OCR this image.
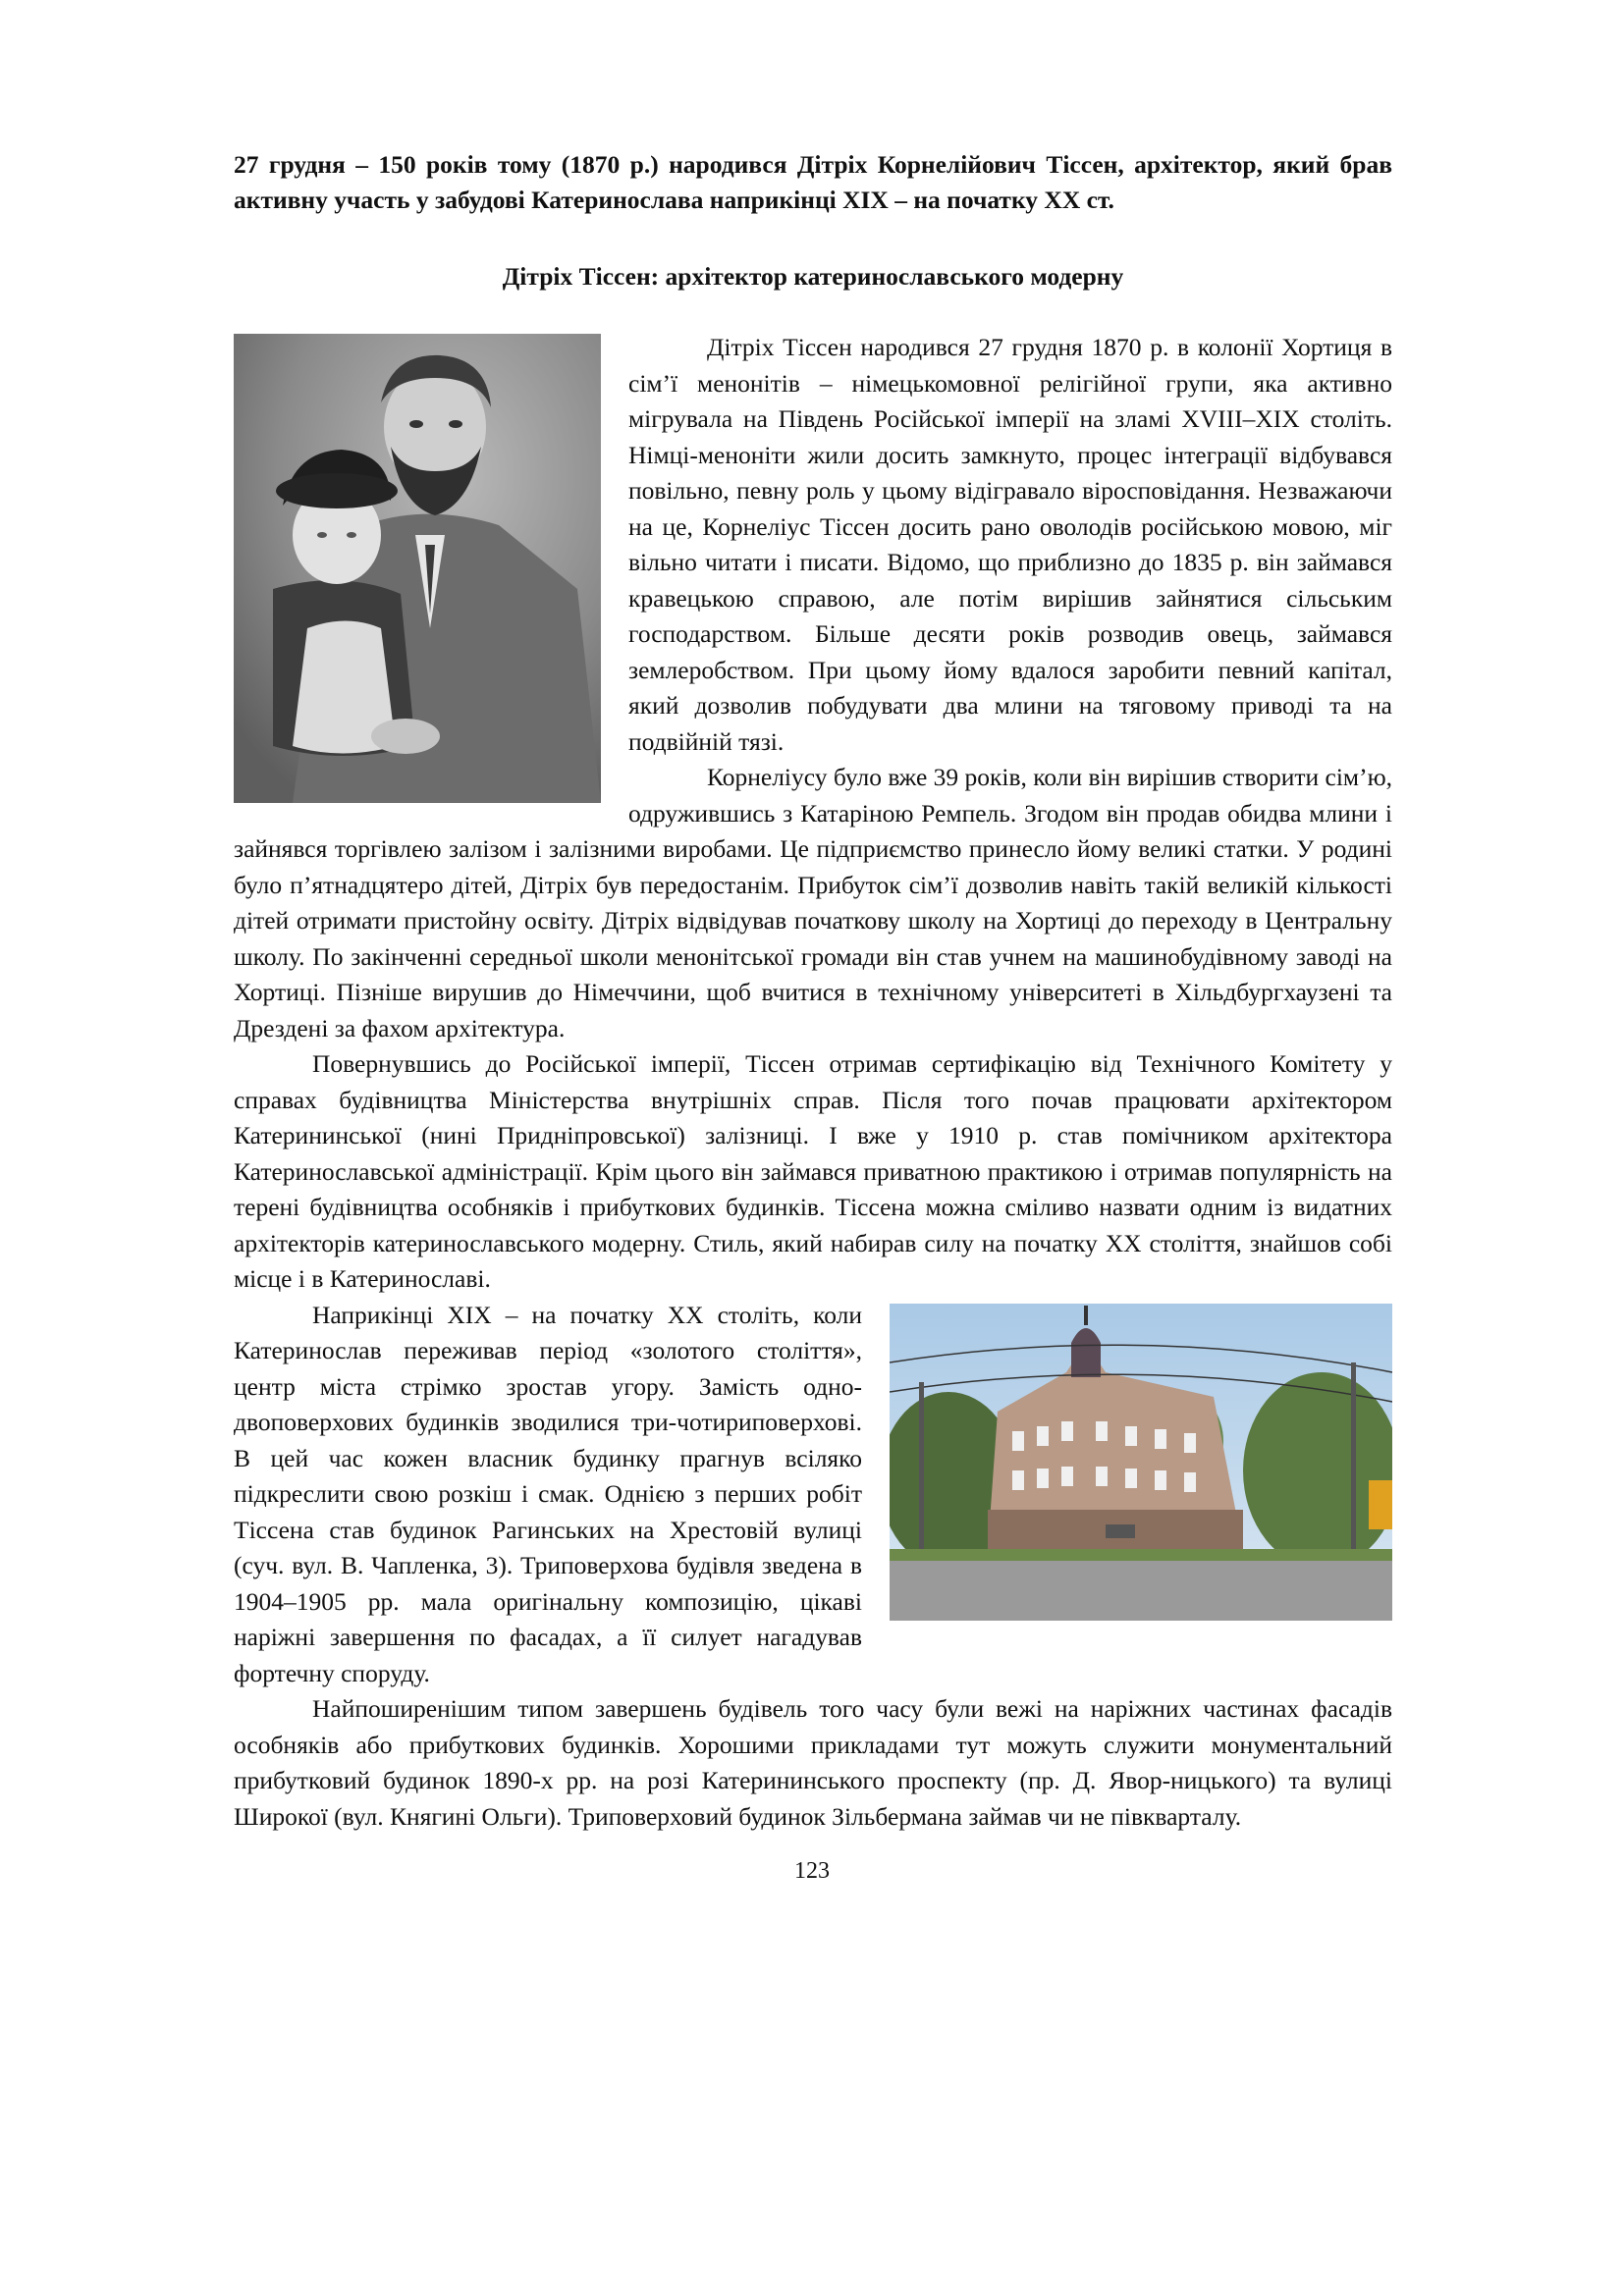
27 грудня – 150 років тому (1870 р.) народився Дітріх Корнелійович Тіссен, архітектор, який брав активну участь у забудові Катеринослава наприкінці ХІХ – на початку ХХ ст.

Дітріх Тіссен: архітектор катеринославського модерну

Дітріх Тіссен народився 27 грудня 1870 р. в колонії Хортиця в сім’ї менонітів – німецькомовної релігійної групи, яка активно мігрувала на Південь Російської імперії на зламі XVIII–ХІХ століть. Німці-меноніти жили досить замкнуто, процес інтеграції відбувався повільно, певну роль у цьому відігравало віросповідання. Незважаючи на це, Корнеліус Тіссен досить рано оволодів російською мовою, міг вільно читати і писати. Відомо, що приблизно до 1835 р. він займався кравецькою справою, але потім вирішив зайнятися сільським господарством. Більше десяти років розводив овець, займався землеробством. При цьому йому вдалося заробити певний капітал, який дозволив побудувати два млини на тяговому приводі та на подвійній тязі.

Корнеліусу було вже 39 років, коли він вирішив створити сім’ю, одружившись з Катаріною Ремпель. Згодом він продав обидва млини і зайнявся торгівлею залізом і залізними виробами. Це підприємство принесло йому великі статки. У родині було п’ятнадцятеро дітей, Дітріх був передостанім. Прибуток сім’ї дозволив навіть такій великій кількості дітей отримати пристойну освіту. Дітріх відвідував початкову школу на Хортиці до переходу в Центральну школу. По закінченні середньої школи менонітської громади він став учнем на машинобудівному заводі на Хортиці. Пізніше вирушив до Німеччини, щоб вчитися в технічному університеті в Хільдбургхаузені та Дрездені за фахом архітектура.

Повернувшись до Російської імперії, Тіссен отримав сертифікацію від Технічного Комітету у справах будівництва Міністерства внутрішніх справ. Після того почав працювати архітектором Катерининської (нині Придніпровської) залізниці. І вже у 1910 р. став помічником архітектора Катеринославської адміністрації. Крім цього він займався приватною практикою і отримав популярність на терені будівництва особняків і прибуткових будинків. Тіссена можна сміливо назвати одним із видатних архітекторів катеринославського модерну. Стиль, який набирав силу на початку ХХ століття, знайшов собі місце і в Катеринославі.

Наприкінці ХІХ – на початку ХХ століть, коли Катеринослав переживав період «золотого століття», центр міста стрімко зростав угору. Замість одно-двоповерхових будинків зводилися три-чотириповерхові. В цей час кожен власник будинку прагнув всіляко підкреслити свою розкіш і смак. Однією з перших робіт Тіссена став будинок Рагинських на Хрестовій вулиці (суч. вул. В. Чапленка, 3). Триповерхова будівля зведена в 1904–1905 рр. мала оригінальну композицію, цікаві наріжні завершення по фасадах, а її силует нагадував фортечну споруду.

Найпоширенішим типом завершень будівель того часу були вежі на наріжних частинах фасадів особняків або прибуткових будинків. Хорошими прикладами тут можуть служити монументальний прибутковий будинок 1890-х рр. на розі Катерининського проспекту (пр. Д. Явор-ницького) та вулиці Широкої (вул. Княгині Ольги). Триповерховий будинок Зільбермана займав чи не півкварталу.

123
